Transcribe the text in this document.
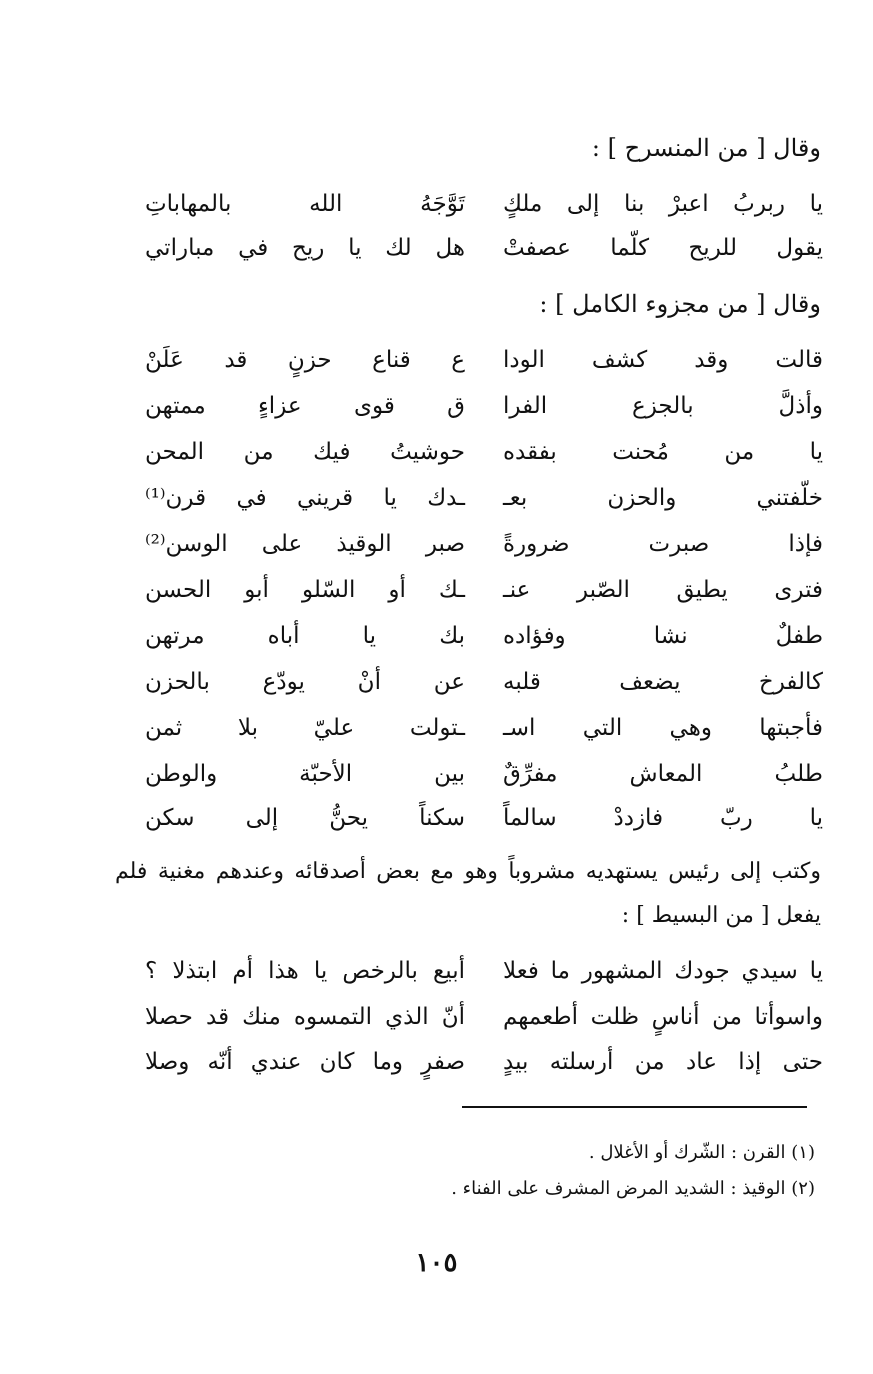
وقال [ من المنسرح ] :
يا ربربُ اعبرْ بنا إلى ملكٍ
تَوَّجَهُ الله بالمهاباتِ
يقول للريح كلّما عصفتْ
هل لك يا ريح في مباراتي
وقال [ من مجزوء الكامل ] :
قالت وقد كشف الودا
ع قناع حزنٍ قد عَلَنْ
وأذلَّ بالجزع الفرا
ق قوى عزاءٍ ممتهن
يا من مُحنت بفقده
حوشيتُ فيك من المحن
خلّفتني والحزن بعـ
ـدك يا قريني في قرن⁽¹⁾
فإذا صبرت ضرورةً
صبر الوقيذ على الوسن⁽²⁾
فترى يطيق الصّبر عنـ
ـك أو السّلو أبو الحسن
طفلٌ نشا وفؤاده
بك يا أباه مرتهن
كالفرخ يضعف قلبه
عن أنْ يودّع بالحزن
فأجبتها وهي التي اسـ
ـتولت عليّ بلا ثمن
طلبُ المعاش مفرِّقٌ
بين الأحبّة والوطن
يا ربّ فازددْ سالماً
سكناً يحنُّ إلى سكن
وكتب إلى رئيس يستهديه مشروباً وهو مع بعض أصدقائه وعندهم مغنية فلم يفعل [ من البسيط ] :
يا سيدي جودك المشهور ما فعلا
أبيع بالرخص يا هذا أم ابتذلا ؟
واسوأتا من أناسٍ ظلت أطعمهم
أنّ الذي التمسوه منك قد حصلا
حتى إذا عاد من أرسلته بيدٍ
صفرٍ وما كان عندي أنّه وصلا
(١) القرن : الشّرك أو الأغلال .
(٢) الوقيذ : الشديد المرض المشرف على الفناء .
١٠٥
